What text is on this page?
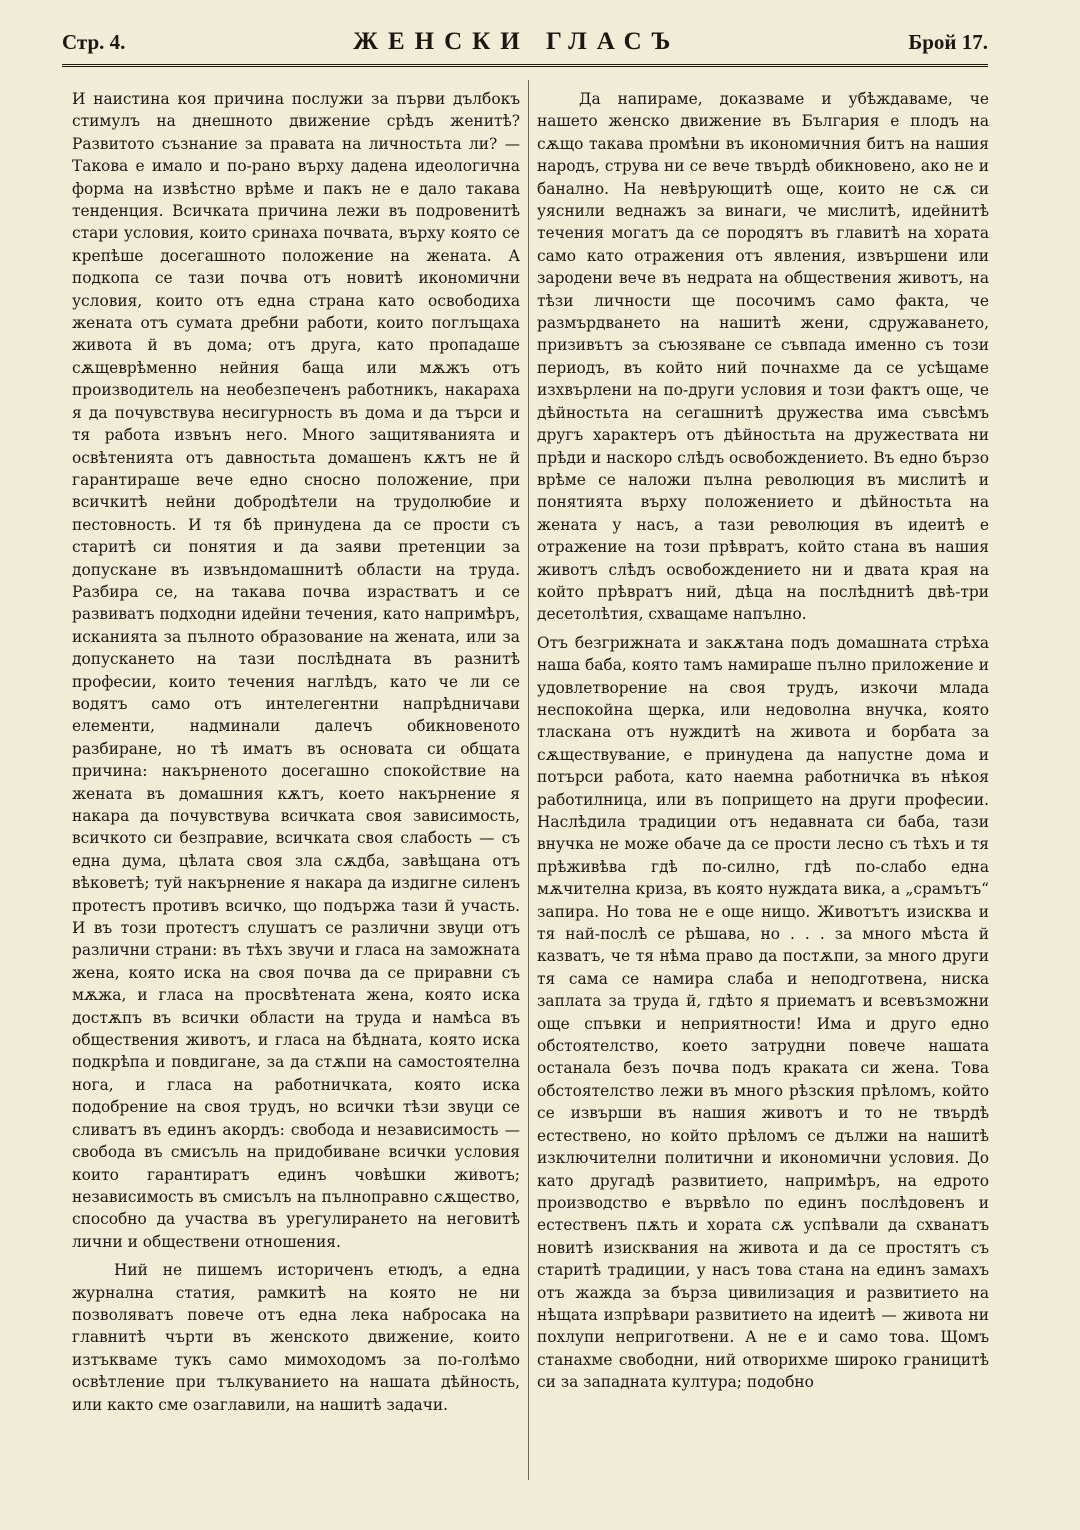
Стр. 4.	ЖЕНСКИ ГЛАСЪ	Брой 17.

И наистина коя причина послужи за първи дълбокъ стимулъ на днешното движение срѣдъ женитѣ? Развитото съзнание за правата на личностьта ли? — Такова е имало и по-рано върху дадена идеологична форма на извѣстно врѣме и пакъ не е дало такава тенденция. Всичката причина лежи въ подровенитѣ стари условия, които сринаха почвата, върху която се крепѣше досегашното положение на жената. А подкопа се тази почва отъ новитѣ икономични условия, които отъ една страна като освободиха жената отъ сумата дребни работи, които поглъщаха живота й въ дома; отъ друга, като пропадаше сѫщеврѣменно нейния баща или мѫжъ отъ производитель на необезпеченъ работникъ, накараха я да почувствува несигурность въ дома и да търси и тя работа извънъ него. Много защитяванията и освѣтенията отъ давностьта домашенъ кѫтъ не й гарантираше вече едно сносно положение, при всичкитѣ нейни добродѣтели на трудолюбие и пестовность. И тя бѣ принудена да се прости съ старитѣ си понятия и да заяви претенции за допускане въ извъндомашнитѣ области на труда. Разбира се, на такава почва израстватъ и се развиватъ подходни идейни течения, като напримѣръ, исканията за пълното образование на жената, или за допускането на тази послѣдната въ разнитѣ професии, които течения наглѣдъ, като че ли се водятъ само отъ интелегентни напрѣдничави елементи, надминали далечъ обикновеното разбиране, но тѣ иматъ въ основата си общата причина: накърненото досегашно спокойствие на жената въ домашния кѫтъ, което накърнение я накара да почувствува всичката своя зависимость, всичкото си безправие, всичката своя слабость — съ една дума, цѣлата своя зла сѫдба, завѣщана отъ вѣковетѣ; туй накърнение я накара да издигне силенъ протестъ противъ всичко, що подържа тази й участь. И въ този протестъ слушатъ се различни звуци отъ различни страни: въ тѣхъ звучи и гласа на заможната жена, която иска на своя почва да се приравни съ мѫжа, и гласа на просвѣтената жена, която иска достѫпъ въ всички области на труда и намѣса въ обществения животъ, и гласа на бѣдната, която иска подкрѣпа и повдигане, за да стѫпи на самостоятелна нога, и гласа на работничката, която иска подобрение на своя трудъ, но всички тѣзи звуци се сливатъ въ единъ акордъ: свобода и независимость — свобода въ смисъль на придобиване всички условия които гарантиратъ единъ човѣшки животъ; независимость въ смисълъ на пълноправно сѫщество, способно да участва въ урегулирането на неговитѣ лични и обществени отношения.

Ний не пишемъ историченъ етюдъ, а една журнална статия, рамкитѣ на която не ни позволяватъ повече отъ една лека набросака на главнитѣ чърти въ женското движение, които изтъкваме тукъ само мимоходомъ за по-голѣмо освѣтление при тълкуванието на нашата дѣйность, или както сме озаглавили, на нашитѣ задачи.

Да напираме, доказваме и убѣждаваме, че нашето женско движение въ България е плодъ на сѫщо такава промѣни въ икономичния битъ на нашия народъ, струва ни се вече твърдѣ обикновено, ако не и банално. На невѣрующитѣ още, които не сѫ си уяснили веднажъ за винаги, че мислитѣ, идейнитѣ течения могатъ да се породятъ въ главитѣ на хората само като отражения отъ явления, извършени или зародени вече въ недрата на обществения животъ, на тѣзи личности ще посочимъ само факта, че размърдването на нашитѣ жени, сдружаването, призивътъ за съюзяване се съвпада именно съ този периодъ, въ който ний почнахме да се усѣщаме изхвърлени на по-други условия и този фактъ още, че дѣйностьта на сегашнитѣ дружества има съвсѣмъ другъ характеръ отъ дѣйностьта на дружествата ни прѣди и наскоро слѣдъ освобождението. Въ едно бързо врѣме се наложи пълна революция въ мислитѣ и понятията върху положението и дѣйностьта на жената у насъ, а тази революция въ идеитѣ е отражение на този прѣвратъ, който стана въ нашия животъ слѣдъ освобождението ни и двата края на който прѣвратъ ний, дѣца на послѣднитѣ двѣ-три десетолѣтия, схващаме напълно.

Отъ безгрижната и закѫтана подъ домашната стрѣха наша баба, която тамъ намираше пълно приложение и удовлетворение на своя трудъ, изкочи млада неспокойна щерка, или недоволна внучка, която тласкана отъ нуждитѣ на живота и борбата за сѫществувание, е принудена да напустне дома и потърси работа, като наемна работничка въ нѣкоя работилница, или въ попрището на други професии. Наслѣдила традиции отъ недавната си баба, тази внучка не може обаче да се прости лесно съ тѣхъ и тя прѣживѣва гдѣ по-силно, гдѣ по-слабо една мѫчителна криза, въ която нуждата вика, а „срамътъ“ запира. Но това не е още нищо. Животътъ изисква и тя най-послѣ се рѣшава, но . . . за много мѣста й казватъ, че тя нѣма право да постѫпи, за много други тя сама се намира слаба и неподготвена, ниска заплата за труда й, гдѣто я приематъ и всевъзможни още спъвки и неприятности! Има и друго едно обстоятелство, което затрудни повече нашата останала безъ почва подъ краката си жена. Това обстоятелство лежи въ много рѣзския прѣломъ, който се извърши въ нашия животъ и то не твърдѣ естествено, но който прѣломъ се дължи на нашитѣ изключителни политични и икономични условия. До като другадѣ развитието, напримѣръ, на едрото производство е вървѣло по единъ послѣдовенъ и естественъ пѫть и хората сѫ успѣвали да схванатъ новитѣ изисквания на живота и да се простятъ съ старитѣ традиции, у насъ това стана на единъ замахъ отъ жажда за бърза цивилизация и развитието на нѣщата изпрѣвари развитието на идеитѣ — живота ни похлупи неприготвени. А не е и само това. Щомъ станахме свободни, ний отворихме широко границитѣ си за западната култура; подобно
